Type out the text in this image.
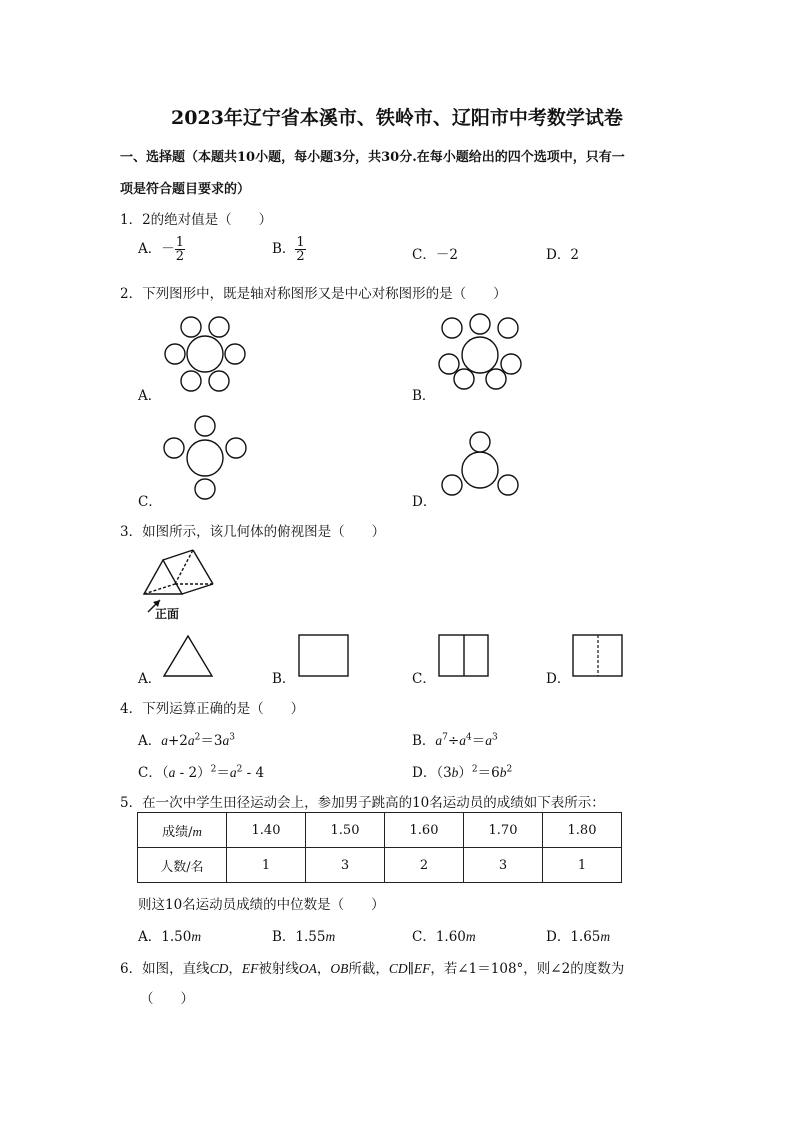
2023年辽宁省本溪市、铁岭市、辽阳市中考数学试卷
一、选择题（本题共10小题，每小题3分，共30分.在每小题给出的四个选项中，只有一
项是符合题目要求的）
1．2的绝对值是（　　）
A．－ $\frac{1}{2}$	B． $\frac{1}{2}$	C．－2	D．2
2．下列图形中，既是轴对称图形又是中心对称图形的是（　　）
A．	B．
C．	D．
3．如图所示，该几何体的俯视图是（　　）
正面
A．	B．	C．	D．
4．下列运算正确的是（　　）
A．$a+2a^2=3a^3$	B．$a^7\div a^4=a^3$
C．$(a - 2)^2=a^2 - 4$	D．$(3b)^2=6b^2$
5．在一次中学生田径运动会上，参加男子跳高的10名运动员的成绩如下表所示：
成绩/m	1.40	1.50	1.60	1.70	1.80
人数/名	1	3	2	3	1
则这10名运动员成绩的中位数是（　　）
A．1.50m	B．1.55m	C．1.60m	D．1.65m
6．如图，直线CD，EF被射线OA，OB所截，CD∥EF，若∠1＝108°，则∠2的度数为
（　　）
